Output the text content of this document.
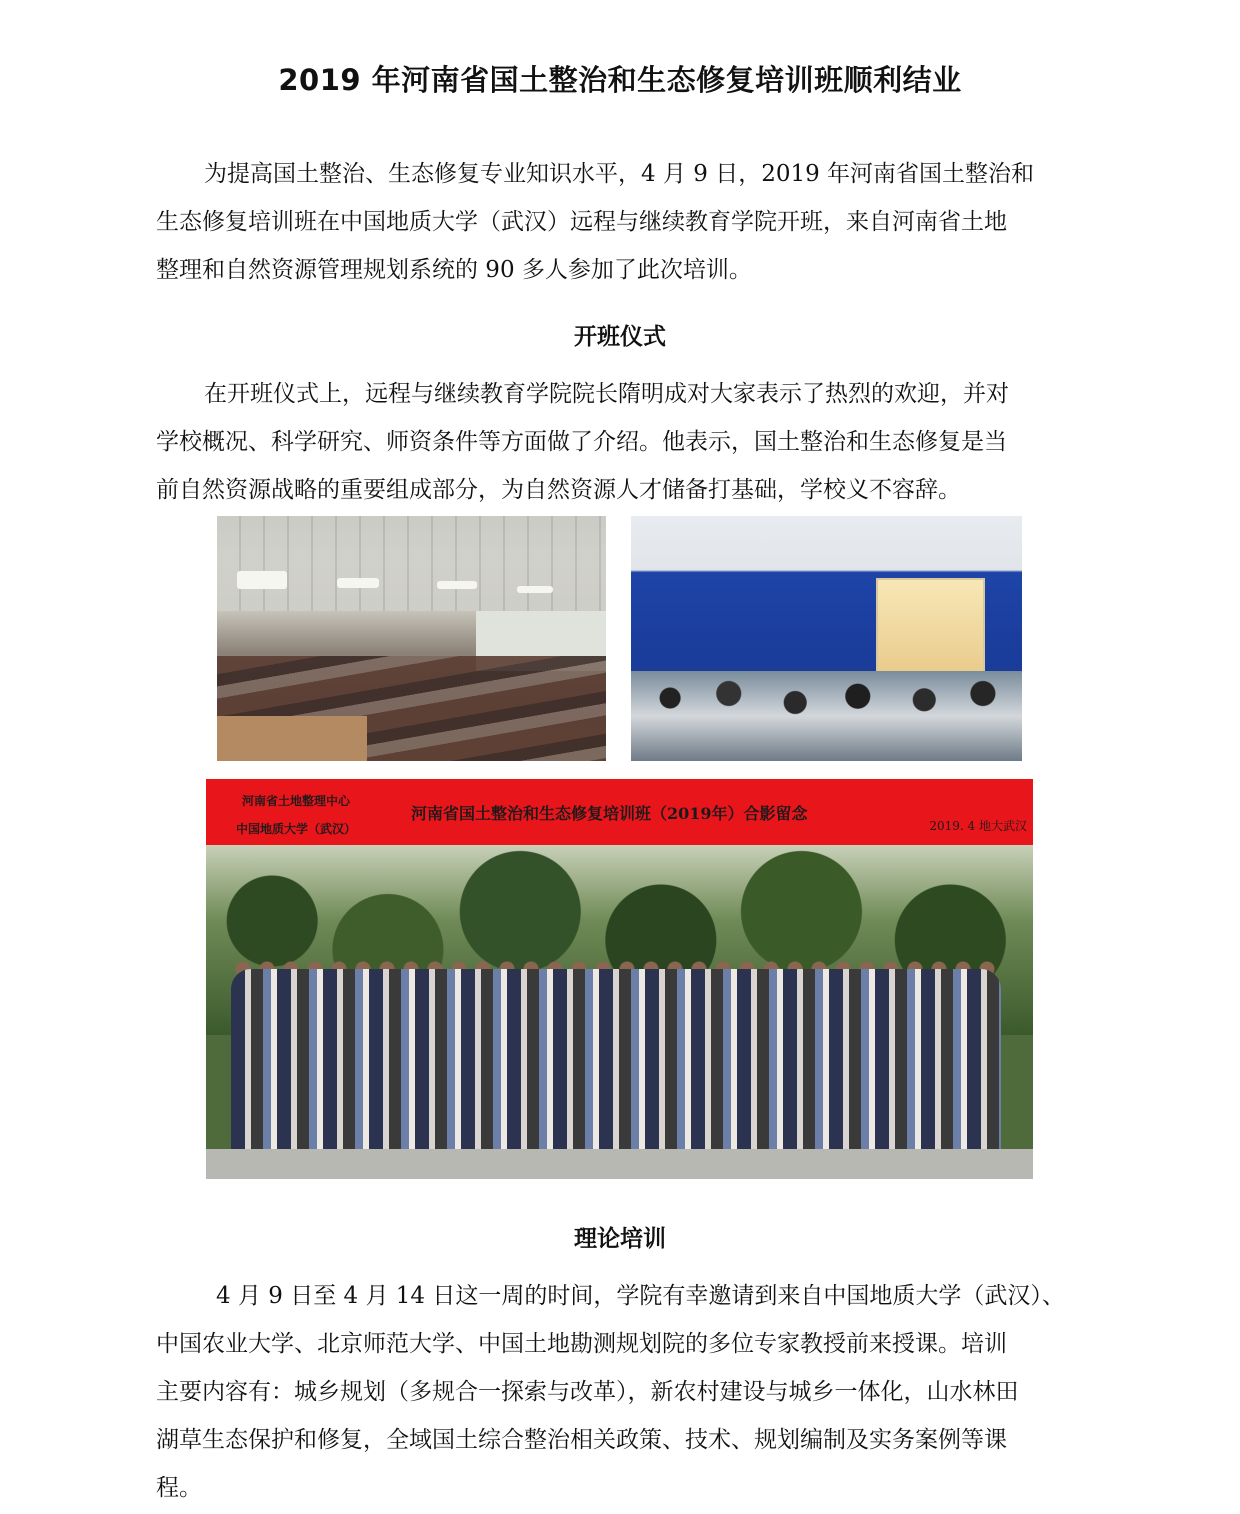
2019 年河南省国土整治和生态修复培训班顺利结业
为提高国土整治、生态修复专业知识水平，4 月 9 日，2019 年河南省国土整治和
生态修复培训班在中国地质大学（武汉）远程与继续教育学院开班，来自河南省土地
整理和自然资源管理规划系统的 90 多人参加了此次培训。
开班仪式
在开班仪式上，远程与继续教育学院院长隋明成对大家表示了热烈的欢迎，并对
学校概况、科学研究、师资条件等方面做了介绍。他表示，国土整治和生态修复是当
前自然资源战略的重要组成部分，为自然资源人才储备打基础，学校义不容辞。
河南省土地整理中心
中国地质大学（武汉）
河南省国土整治和生态修复培训班（2019年）合影留念
2019. 4 地大武汉
理论培训
4 月 9 日至 4 月 14 日这一周的时间，学院有幸邀请到来自中国地质大学（武汉）、
中国农业大学、北京师范大学、中国土地勘测规划院的多位专家教授前来授课。培训
主要内容有：城乡规划（多规合一探索与改革），新农村建设与城乡一体化，山水林田
湖草生态保护和修复，全域国土综合整治相关政策、技术、规划编制及实务案例等课
程。
